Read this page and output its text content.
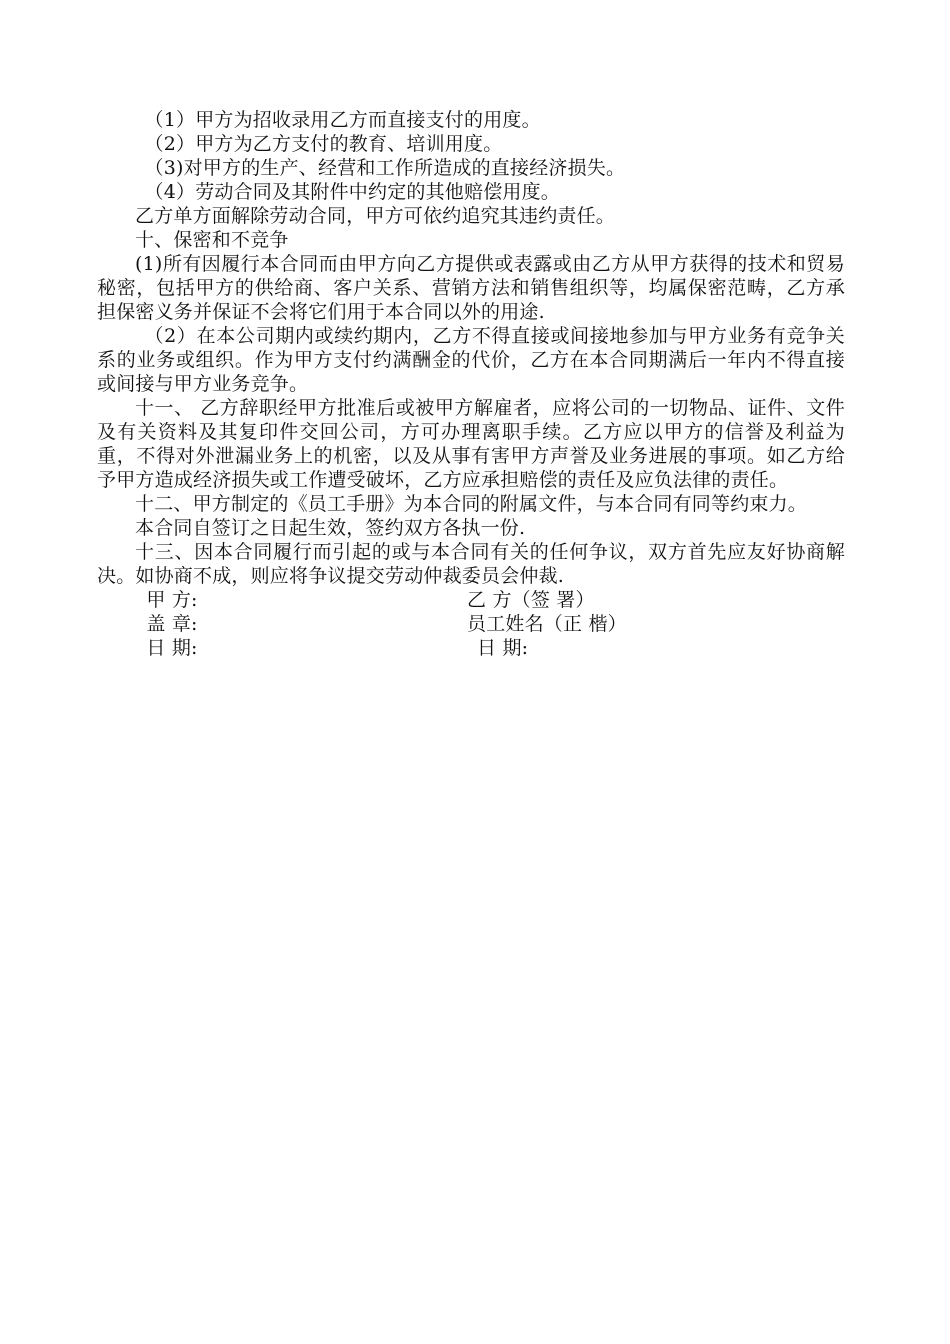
（1）甲方为招收录用乙方而直接支付的用度。

（2）甲方为乙方支付的教育、培训用度。

（3)对甲方的生产、经营和工作所造成的直接经济损失。

（4）劳动合同及其附件中约定的其他赔偿用度。

乙方单方面解除劳动合同，甲方可依约追究其违约责任。

十、保密和不竞争

(1)所有因履行本合同而由甲方向乙方提供或表露或由乙方从甲方获得的技术和贸易秘密，包括甲方的供给商、客户关系、营销方法和销售组织等，均属保密范畴，乙方承担保密义务并保证不会将它们用于本合同以外的用途.

（2）在本公司期内或续约期内，乙方不得直接或间接地参加与甲方业务有竞争关系的业务或组织。作为甲方支付约满酬金的代价，乙方在本合同期满后一年内不得直接或间接与甲方业务竞争。

十一、 乙方辞职经甲方批准后或被甲方解雇者，应将公司的一切物品、证件、文件及有关资料及其复印件交回公司，方可办理离职手续。乙方应以甲方的信誉及利益为重，不得对外泄漏业务上的机密，以及从事有害甲方声誉及业务进展的事项。如乙方给予甲方造成经济损失或工作遭受破坏，乙方应承担赔偿的责任及应负法律的责任。

十二、甲方制定的《员工手册》为本合同的附属文件，与本合同有同等约束力。

本合同自签订之日起生效，签约双方各执一份.

十三、因本合同履行而引起的或与本合同有关的任何争议，双方首先应友好协商解决。如协商不成，则应将争议提交劳动仲裁委员会仲裁.

甲 方:	乙 方（签 署）
盖 章:	员工姓名（正 楷）
日 期:	日 期:
